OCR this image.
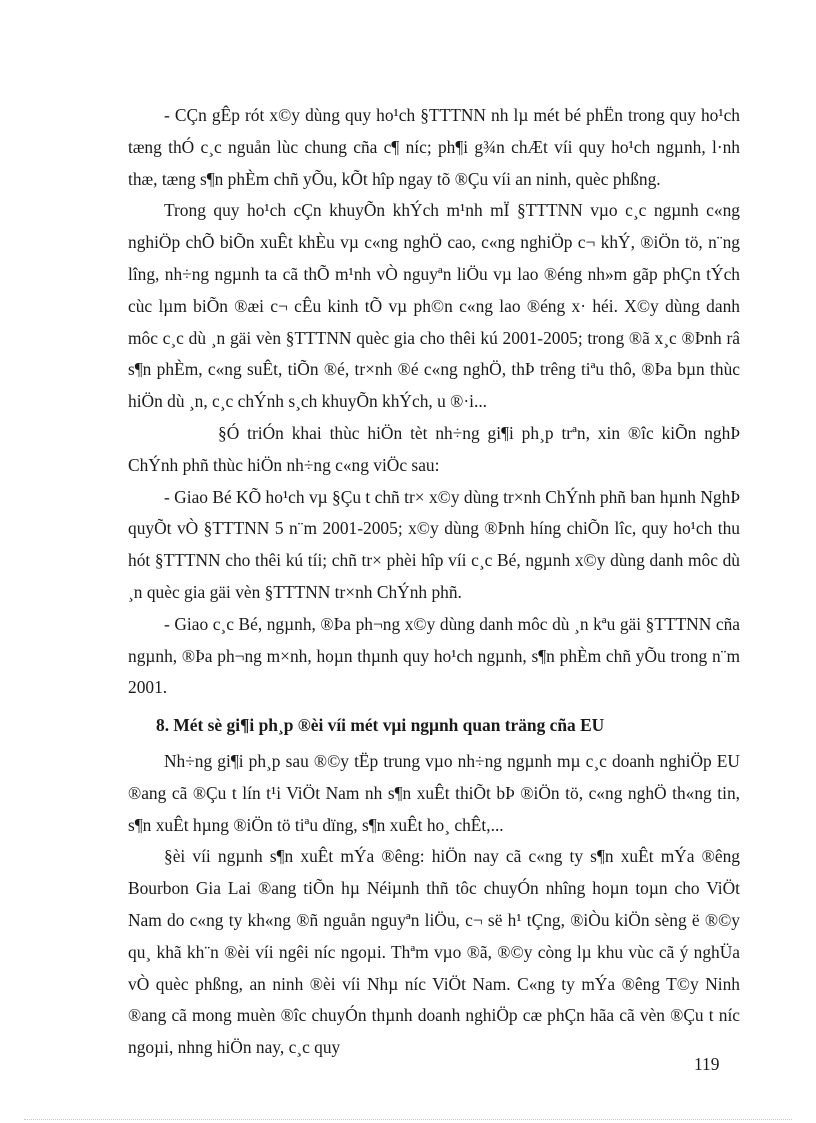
- CÇn gÊp rót x©y dùng quy ho¹ch §TTTNN nh lµ mét bé phËn trong quy ho¹ch tæng thÓ c¸c nguån lùc chung cña c¶ níc; ph¶i g¾n chÆt víi quy ho¹ch ngµnh, l·nh thæ, tæng s¶n phÈm chñ yÕu, kÕt hîp ngay tõ ®Çu víi an ninh, quèc phßng.

Trong quy ho¹ch cÇn khuyÕn khÝch m¹nh mÏ §TTTNN vµo c¸c ngµnh c«ng nghiÖp chÕ biÕn xuÊt khÈu vµ c«ng nghÖ cao, c«ng nghiÖp c¬ khÝ, ®iÖn tö, n¨ng lîng, nh÷ng ngµnh ta cã thÕ m¹nh vÒ nguyªn liÖu vµ lao ®éng nh»m gãp phÇn tÝch cùc lµm biÕn ®æi c¬ cÊu kinh tÕ vµ ph©n c«ng lao ®éng x· héi. X©y dùng danh môc c¸c dù ¸n gäi vèn §TTTNN quèc gia cho thêi kú 2001-2005; trong ®ã x¸c ®Þnh râ s¶n phÈm, c«ng suÊt, tiÕn ®é, tr×nh ®é c«ng nghÖ, thÞ trêng tiªu thô, ®Þa bµn thùc hiÖn dù ¸n, c¸c chÝnh s¸ch khuyÕn khÝch, u ®·i...

§Ó triÓn khai thùc hiÖn tèt nh÷ng gi¶i ph¸p trªn, xin ®îc kiÕn nghÞ ChÝnh phñ thùc hiÖn nh÷ng c«ng viÖc sau:

- Giao Bé KÕ ho¹ch vµ §Çu t chñ tr× x©y dùng tr×nh ChÝnh phñ ban hµnh NghÞ quyÕt vÒ §TTTNN 5 n¨m 2001-2005; x©y dùng ®Þnh híng chiÕn lîc, quy ho¹ch thu hót §TTTNN cho thêi kú tíi; chñ tr× phèi hîp víi c¸c Bé, ngµnh x©y dùng danh môc dù ¸n quèc gia gäi vèn §TTTNN tr×nh ChÝnh phñ.

- Giao c¸c Bé, ngµnh, ®Þa ph¬ng x©y dùng danh môc dù ¸n kªu gäi §TTTNN cña ngµnh, ®Þa ph¬ng m×nh, hoµn thµnh quy ho¹ch ngµnh, s¶n phÈm chñ yÕu trong n¨m 2001.

8. Mét sè gi¶i ph¸p ®èi víi mét vµi ngµnh quan träng cña EU

Nh÷ng gi¶i ph¸p sau ®©y tËp trung vµo nh÷ng ngµnh mµ c¸c doanh nghiÖp EU ®ang cã ®Çu t lín t¹i ViÖt Nam nh s¶n xuÊt thiÕt bÞ ®iÖn tö, c«ng nghÖ th«ng tin, s¶n xuÊt hµng ®iÖn tö tiªu dïng, s¶n xuÊt ho¸ chÊt,...

§èi víi ngµnh s¶n xuÊt mÝa ®êng: hiÖn nay cã c«ng ty s¶n xuÊt mÝa ®êng Bourbon Gia Lai ®ang tiÕn hµ Néiµnh thñ tôc chuyÓn nhîng hoµn toµn cho ViÖt Nam do c«ng ty kh«ng ®ñ nguån nguyªn liÖu, c¬ së h¹ tÇng, ®iÒu kiÖn sèng ë ®©y qu¸ khã kh¨n ®èi víi ngêi níc ngoµi. Thªm vµo ®ã, ®©y còng lµ khu vùc cã ý nghÜa vÒ quèc phßng, an ninh ®èi víi Nhµ níc ViÖt Nam. C«ng ty mÝa ®êng T©y Ninh ®ang cã mong muèn ®îc chuyÓn thµnh doanh nghiÖp cæ phÇn hãa cã vèn ®Çu t níc ngoµi, nhng hiÖn nay, c¸c quy

119
